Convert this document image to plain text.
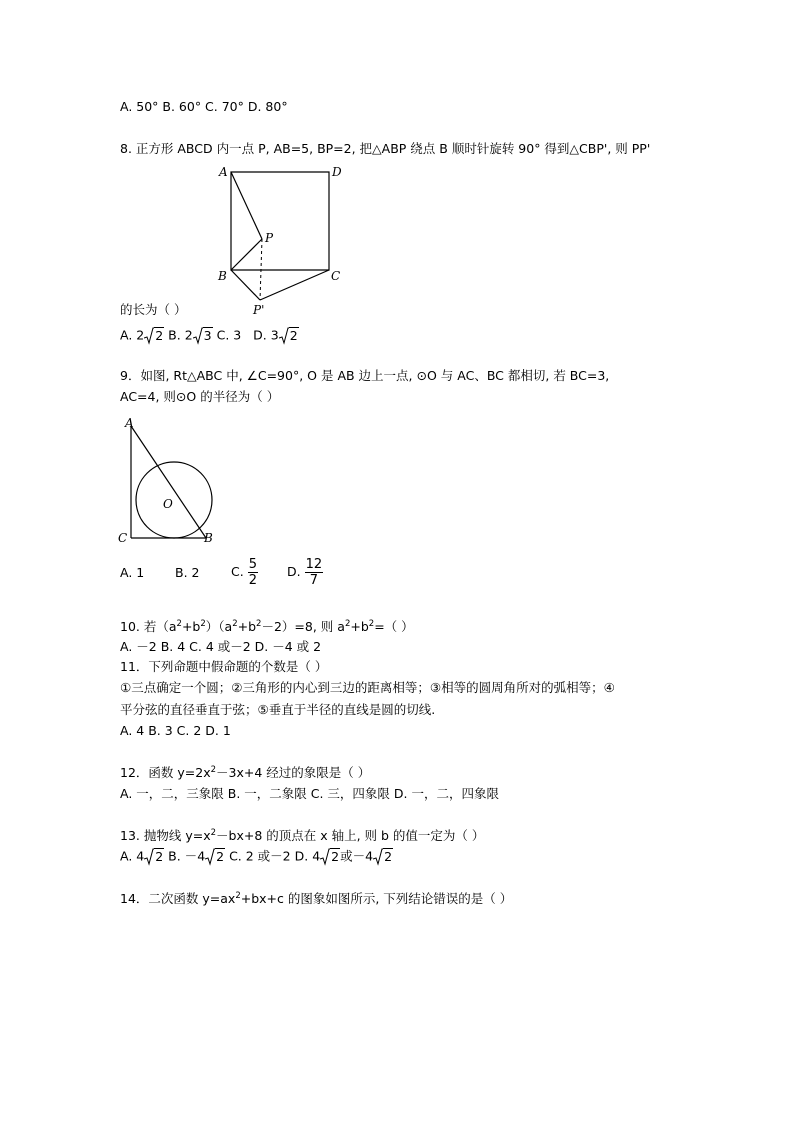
A. 50° B. 60° C. 70° D. 80°
8. 正方形 ABCD 内一点 P, AB=5, BP=2, 把△ABP 绕点 B 顺时针旋转 90° 得到△CBP', 则 PP'
A	D
P
B	C
P'
的长为（ ）
A. 2 2 B. 2 3 C. 3 D. 3 2
9．如图, Rt△ABC 中, ∠C=90°, O 是 AB 边上一点, ⊙O 与 AC、BC 都相切, 若 BC=3,
AC=4, 则⊙O 的半径为（ ）
A
C	B
O
A. 1 B. 2	C. $\frac{5}{2} D$. $\frac{12}{7}$
10. 若$(a^2+b^2)(a^2+b^2-2)=8$, 则 $a^2+b^2=$（ ）
A. －2 B. 4 C. 4 或－2 D. －4 或 2
11．下列命题中假命题的个数是（ ）
①三点确定一个圆；②三角形的内心到三边的距离相等；③相等的圆周角所对的弧相等；④
平分弦的直径垂直于弦；⑤垂直于半径的直线是圆的切线.
A. 4 B. 3 C. 2 D. 1
12．函数 $y=2x^2-3x+4$ 经过的象限是（ ）
A. 一，二，三象限 B. 一，二象限 C. 三，四象限 D. 一，二，四象限
13. 抛物线 $y=x^2-bx+8$ 的顶点在 x 轴上, 则 b 的值一定为（ ）
A. 4 2 B. －4 2 C. 2 或－2 D. 4 2或－4 2
14．二次函数 $y=ax^2+bx+c$ 的图象如图所示, 下列结论错误的是（ ）
